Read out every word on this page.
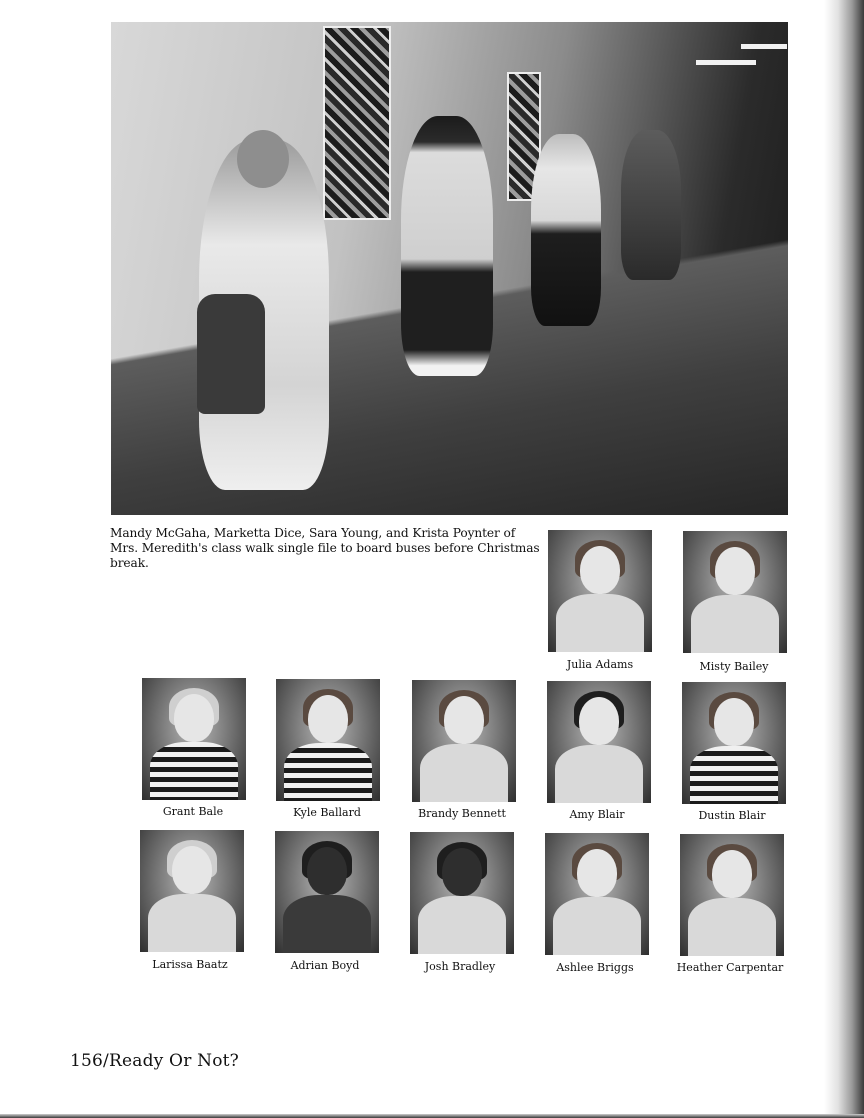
Mandy McGaha, Marketta Dice, Sara Young, and Krista Poynter of Mrs. Meredith's class walk single file to board buses before Christmas break.
Julia Adams	Misty Bailey
Grant Bale	Kyle Ballard	Brandy Bennett	Amy Blair	Dustin Blair
Larissa Baatz	Adrian Boyd	Josh Bradley	Ashlee Briggs	Heather Carpentar
156/Ready Or Not?
